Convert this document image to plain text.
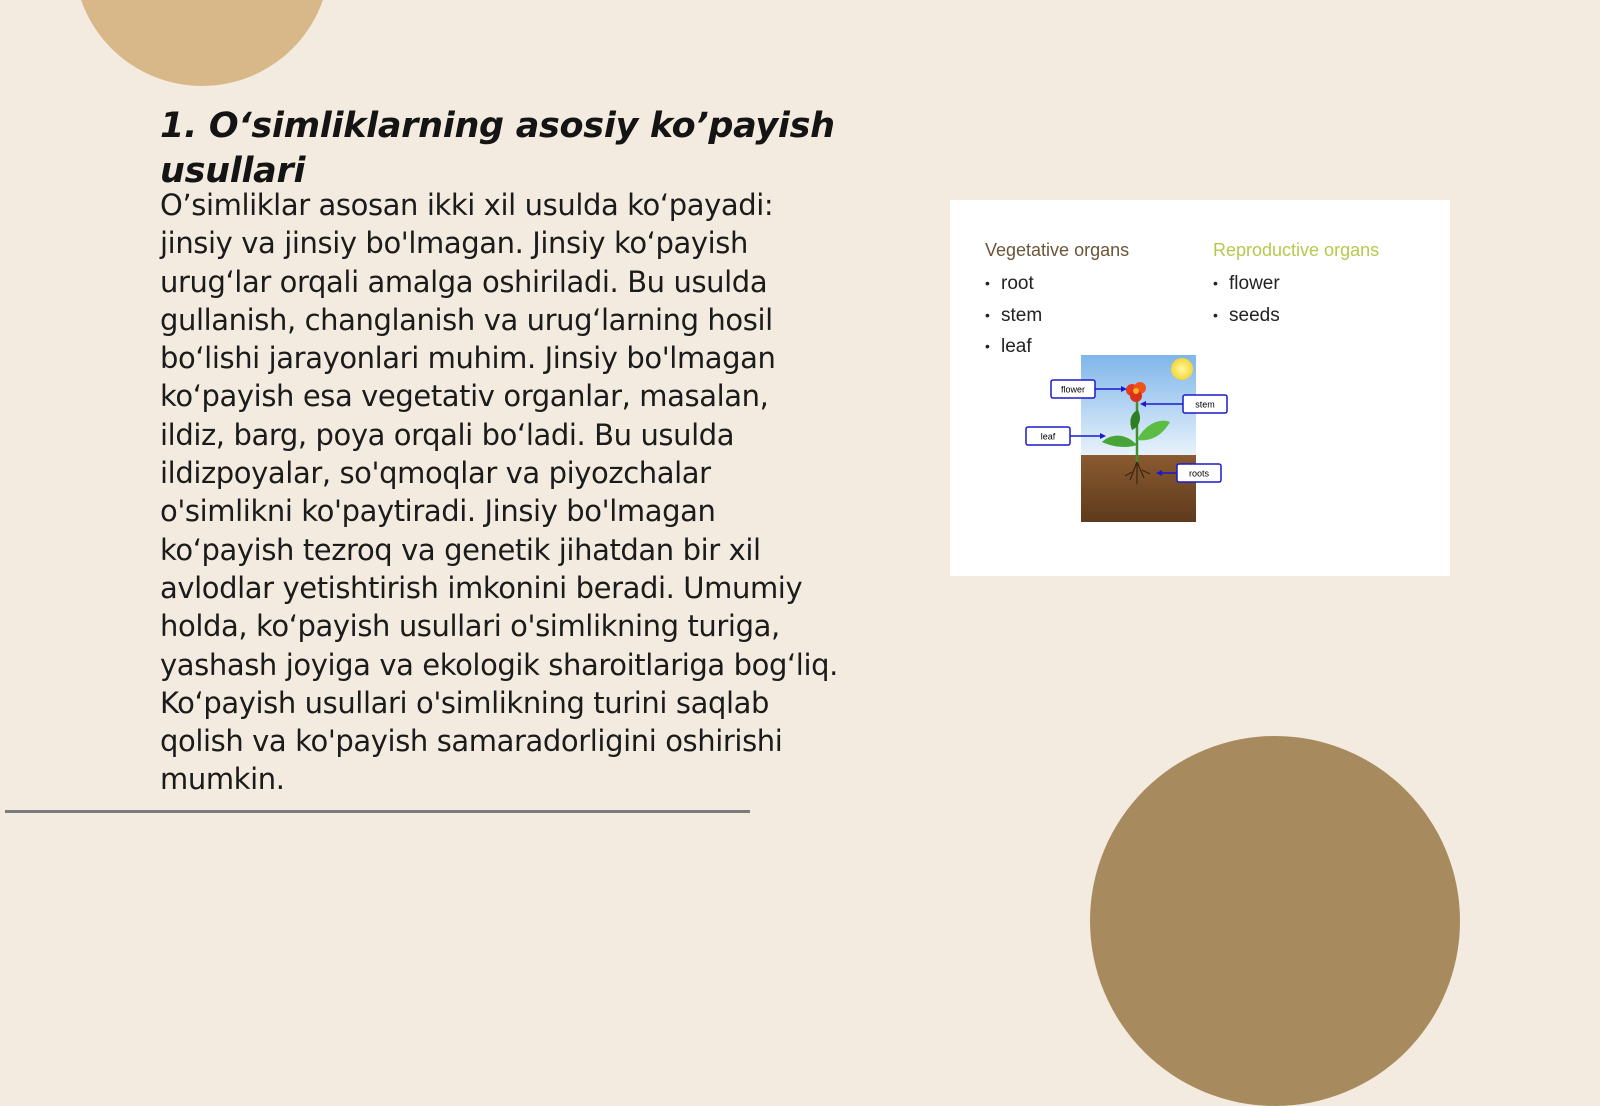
1. O‘simliklarning asosiy ko’payish usullari

O’simliklar asosan ikki xil usulda ko‘payadi: jinsiy va jinsiy bo'lmagan. Jinsiy ko‘payish urug‘lar orqali amalga oshiriladi. Bu usulda gullanish, changlanish va urug‘larning hosil bo‘lishi jarayonlari muhim. Jinsiy bo'lmagan ko‘payish esa vegetativ organlar, masalan, ildiz, barg, poya orqali bo‘ladi. Bu usulda ildizpoyalar, so'qmoqlar va piyozchalar o'simlikni ko'paytiradi. Jinsiy bo'lmagan ko‘payish tezroq va genetik jihatdan bir xil avlodlar yetishtirish imkonini beradi. Umumiy holda, ko‘payish usullari o'simlikning turiga, yashash joyiga va ekologik sharoitlariga bog‘liq. Ko‘payish usullari o'simlikning turini saqlab qolish va ko'payish samaradorligini oshirishi mumkin.

Vegetative organs
• root
• stem
• leaf
Reproductive organs
• flower
• seeds
flower
stem
leaf
roots
